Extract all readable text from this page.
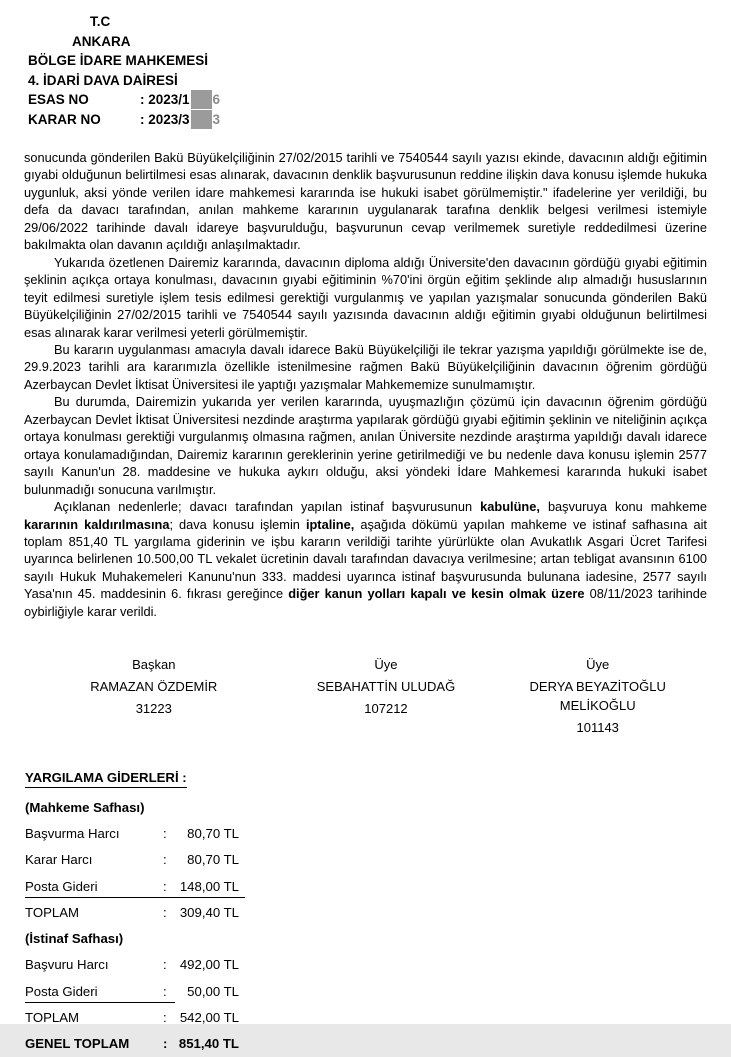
T.C
ANKARA
BÖLGE İDARE MAHKEMESİ
4. İDARİ DAVA DAİRESİ
ESAS NO	: 2023/1 6
KARAR NO	: 2023/3 3

sonucunda gönderilen Bakü Büyükelçiliğinin 27/02/2015 tarihli ve 7540544 sayılı yazısı ekinde, davacının aldığı eğitimin gıyabi olduğunun belirtilmesi esas alınarak, davacının denklik başvurusunun reddine ilişkin dava konusu işlemde hukuka uygunluk, aksi yönde verilen idare mahkemesi kararında ise hukuki isabet görülmemiştir." ifadelerine yer verildiği, bu defa da davacı tarafından, anılan mahkeme kararının uygulanarak tarafına denklik belgesi verilmesi istemiyle 29/06/2022 tarihinde davalı idareye başvurulduğu, başvurunun cevap verilmemek suretiyle reddedilmesi üzerine bakılmakta olan davanın açıldığı anlaşılmaktadır.

Yukarıda özetlenen Dairemiz kararında, davacının diploma aldığı Üniversite'den davacının gördüğü gıyabi eğitimin şeklinin açıkça ortaya konulması, davacının gıyabi eğitiminin %70'ini örgün eğitim şeklinde alıp almadığı hususlarının teyit edilmesi suretiyle işlem tesis edilmesi gerektiği vurgulanmış ve yapılan yazışmalar sonucunda gönderilen Bakü Büyükelçiliğinin 27/02/2015 tarihli ve 7540544 sayılı yazısında davacının aldığı eğitimin gıyabi olduğunun belirtilmesi esas alınarak karar verilmesi yeterli görülmemiştir.

Bu kararın uygulanması amacıyla davalı idarece Bakü Büyükelçiliği ile tekrar yazışma yapıldığı görülmekte ise de, 29.9.2023 tarihli ara kararımızla özellikle istenilmesine rağmen Bakü Büyükelçiliğinin davacının öğrenim gördüğü Azerbaycan Devlet İktisat Üniversitesi ile yaptığı yazışmalar Mahkememize sunulmamıştır.

Bu durumda, Dairemizin yukarıda yer verilen kararında, uyuşmazlığın çözümü için davacının öğrenim gördüğü Azerbaycan Devlet İktisat Üniversitesi nezdinde araştırma yapılarak gördüğü gıyabi eğitimin şeklinin ve niteliğinin açıkça ortaya konulması gerektiği vurgulanmış olmasına rağmen, anılan Üniversite nezdinde araştırma yapıldığı davalı idarece ortaya konulamadığından, Dairemiz kararının gereklerinin yerine getirilmediği ve bu nedenle dava konusu işlemin 2577 sayılı Kanun'un 28. maddesine ve hukuka aykırı olduğu, aksi yöndeki İdare Mahkemesi kararında hukuki isabet bulunmadığı sonucuna varılmıştır.

Açıklanan nedenlerle; davacı tarafından yapılan istinaf başvurusunun kabulüne, başvuruya konu mahkeme kararının kaldırılmasına; dava konusu işlemin iptaline, aşağıda dökümü yapılan mahkeme ve istinaf safhasına ait toplam 851,40 TL yargılama giderinin ve işbu kararın verildiği tarihte yürürlükte olan Avukatlık Asgari Ücret Tarifesi uyarınca belirlenen 10.500,00 TL vekalet ücretinin davalı tarafından davacıya verilmesine; artan tebligat avansının 6100 sayılı Hukuk Muhakemeleri Kanunu'nun 333. maddesi uyarınca istinaf başvurusunda bulunana iadesine, 2577 sayılı Yasa'nın 45. maddesinin 6. fıkrası gereğince diğer kanun yolları kapalı ve kesin olmak üzere 08/11/2023 tarihinde oybirliğiyle karar verildi.

Başkan
RAMAZAN ÖZDEMİR
31223
Üye
SEBAHATTİN ULUDAĞ
107212
Üye
DERYA BEYAZİTOĞLU MELİKOĞLU
101143
YARGILAMA GİDERLERİ :
(Mahkeme Safhası)
Başvurma Harcı	:	80,70 TL
Karar Harcı	:	80,70 TL
Posta Gideri	: 148,00 TL
TOPLAM	: 309,40 TL
(İstinaf Safhası)
Başvuru Harcı	: 492,00 TL
Posta Gideri	:	50,00 TL
TOPLAM	: 542,00 TL
GENEL TOPLAM	: 851,40 TL
